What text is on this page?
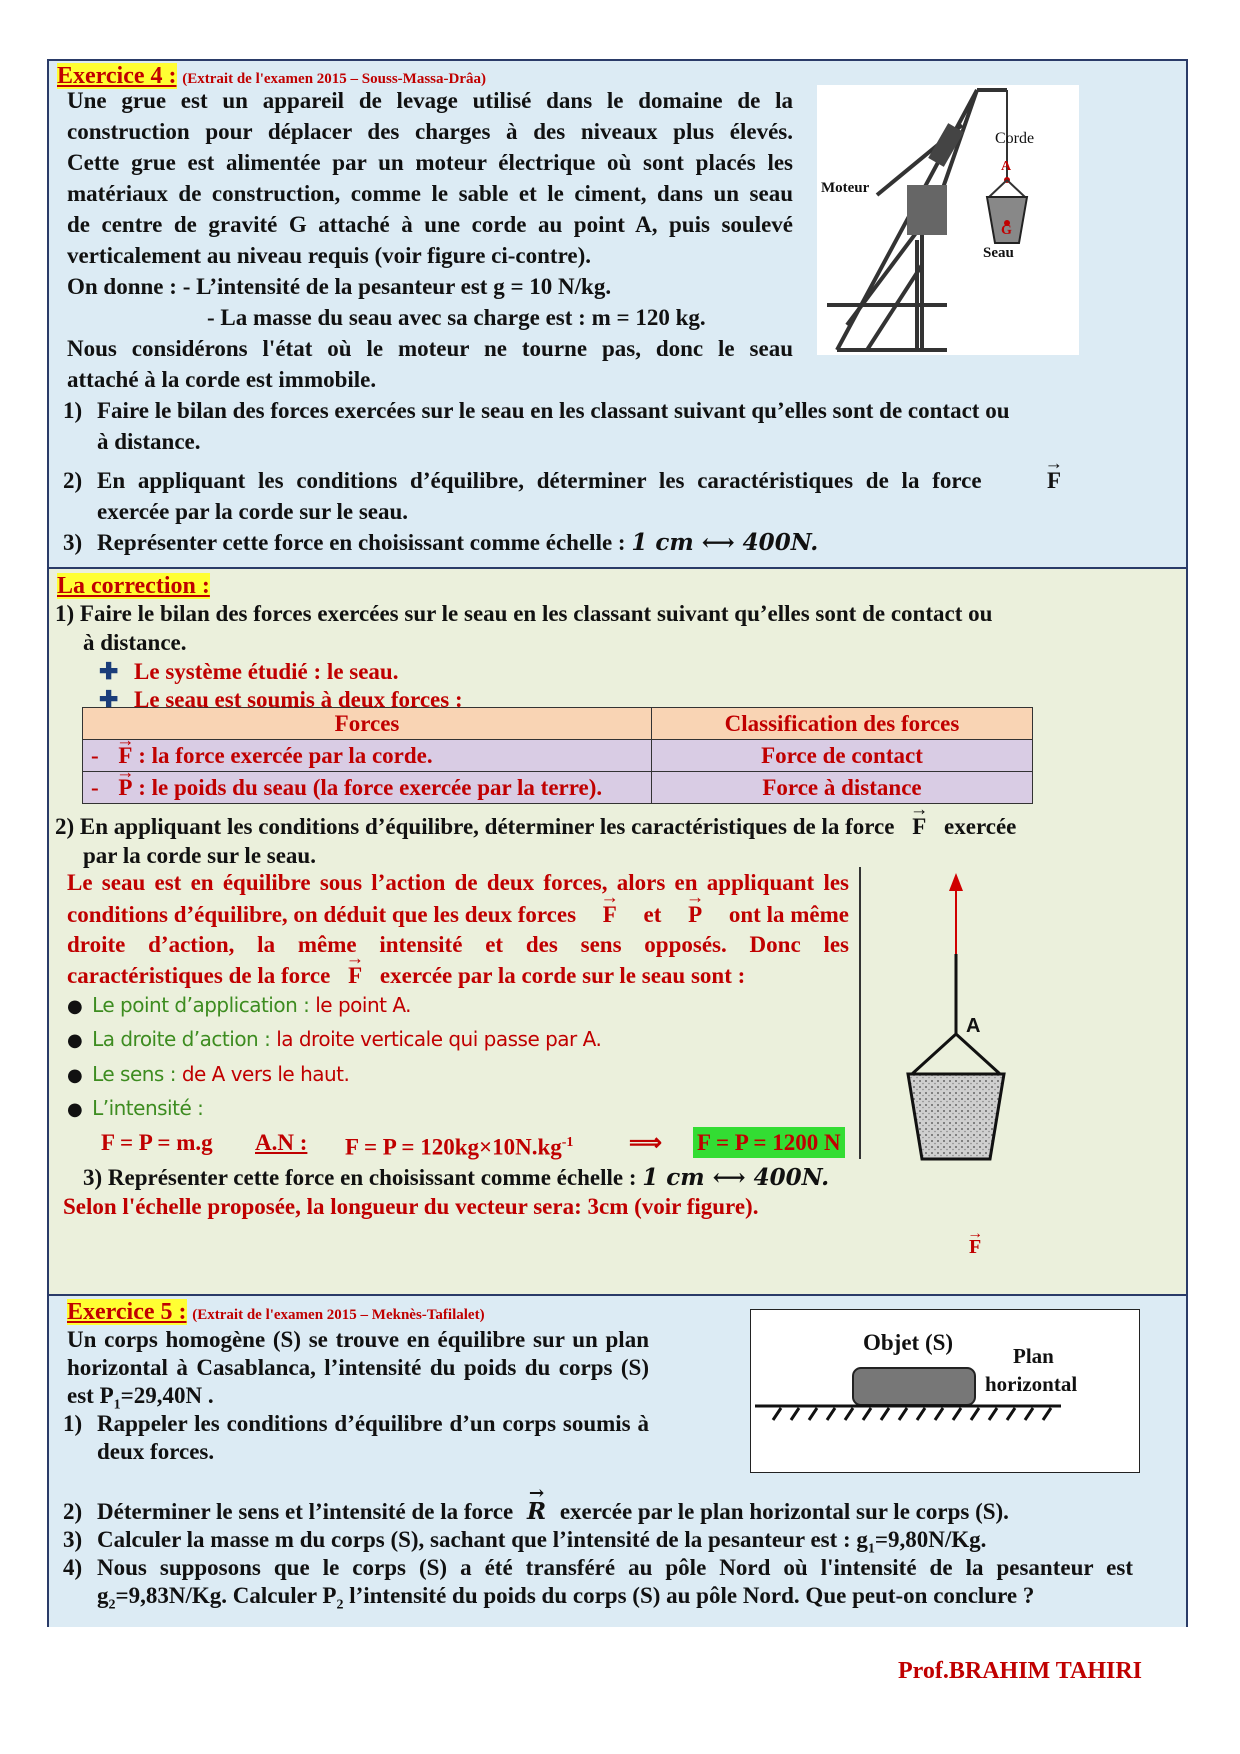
Exercice 4 : (Extrait de l'examen 2015 – Souss-Massa-Drâa)
Une grue est un appareil de levage utilisé dans le domaine de la
construction pour déplacer des charges à des niveaux plus élevés.
Cette grue est alimentée par un moteur électrique où sont placés les
matériaux de construction, comme le sable et le ciment, dans un seau
de centre de gravité G attaché à une corde au point A, puis soulevé
verticalement au niveau requis (voir figure ci-contre).
On donne : - L’intensité de la pesanteur est g = 10 N/kg.
- La masse du seau avec sa charge est : m = 120 kg.
Nous considérons l'état où le moteur ne tourne pas, donc le seau
attaché à la corde est immobile.
1) Faire le bilan des forces exercées sur le seau en les classant suivant qu’elles sont de contact ou
à distance.
2) En appliquant les conditions d’équilibre, déterminer les caractéristiques de la force	→ F
exercée par la corde sur le seau.
3) Représenter cette force en choisissant comme échelle : 1 cm ⟷ 400N.
Corde
Moteur
A
G
Seau
La correction :
1) Faire le bilan des forces exercées sur le seau en les classant suivant qu’elles sont de contact ou
à distance.
✚ Le système étudié : le seau.
✚ Le seau est soumis à deux forces :
Forces	Classification des forces
- → F : la force exercée par la corde.	Force de contact
- → P : le poids du seau (la force exercée par la terre).	Force à distance
2) En appliquant les conditions d’équilibre, déterminer les caractéristiques de la force → F exercée
par la corde sur le seau.
Le seau est en équilibre sous l’action de deux forces, alors en appliquant les
conditions d’équilibre, on déduit que les deux forces → F et → P ont la même
droite d’action, la même intensité et des sens opposés. Donc les
caractéristiques de la force → F exercée par la corde sur le seau sont :
● Le point d’application : le point A.
● La droite d’action : la droite verticale qui passe par A.
● Le sens : de A vers le haut.
● L’intensité :
F = P = m.g A.N : $F = P = 120kg\times 10N.kg^{-1}$ ⟹ F = P = 1200 N
→ F
A
3) Représenter cette force en choisissant comme échelle : 1 cm ⟷ 400N.
Selon l'échelle proposée, la longueur du vecteur sera: 3cm (voir figure).
Exercice 5 : (Extrait de l'examen 2015 – Meknès-Tafilalet)
Un corps homogène (S) se trouve en équilibre sur un plan
horizontal à Casablanca, l’intensité du poids du corps (S)
est $P_1=29,40N$ .
1) Rappeler les conditions d’équilibre d’un corps soumis à
deux forces.
2) Déterminer le sens et l’intensité de la force → R exercée par le plan horizontal sur le corps (S).
3) Calculer la masse m du corps (S), sachant que l’intensité de la pesanteur est : $g_1=9,80N/Kg$.
4) Nous supposons que le corps (S) a été transféré au pôle Nord où l'intensité de la pesanteur est
$g_2=9,83N/Kg$. Calculer $P_2$ l’intensité du poids du corps (S) au pôle Nord. Que peut-on conclure ?
Objet (S)
Plan
horizontal
Prof.BRAHIM TAHIRI
